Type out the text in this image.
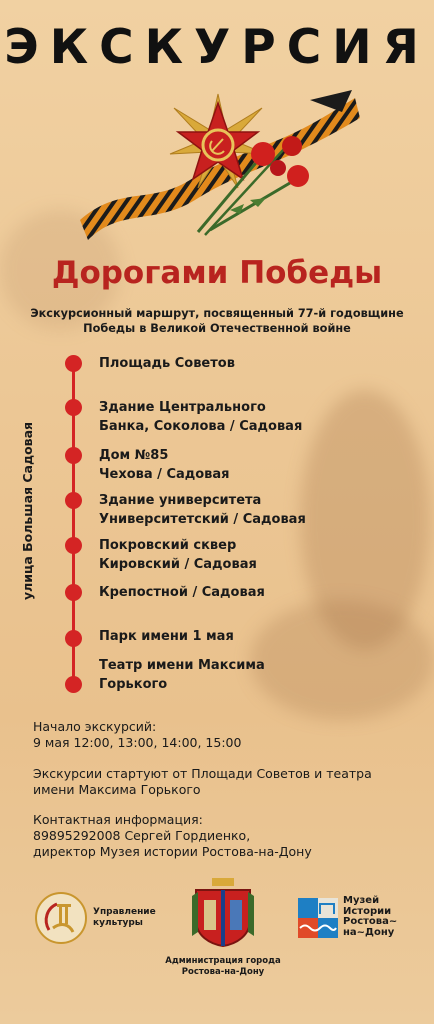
ЭКСКУРСИЯ
Дорогами Победы
Экскурсионный маршрут, посвященный 77-й годовщине
Победы в Великой Отечественной войне
улица Большая Садовая
Площадь Советов
Здание Центрального
Банка, Соколова / Садовая
Дом №85
Чехова / Садовая
Здание университета
Университетский / Садовая
Покровский сквер
Кировский / Садовая
Крепостной / Садовая
Парк имени 1 мая
Театр имени Максима
Горького
Начало экскурсий:
9 мая 12:00, 13:00, 14:00, 15:00
Экскурсии стартуют от Площади Советов и театра
имени Максима Горького
Контактная информация:
89895292008 Сергей Гордиенко,
директор Музея истории Ростова-на-Дону
Управление
культуры
Администрация города
Ростова-на-Дону
Музей
Истории
Ростова~
на~Дону
